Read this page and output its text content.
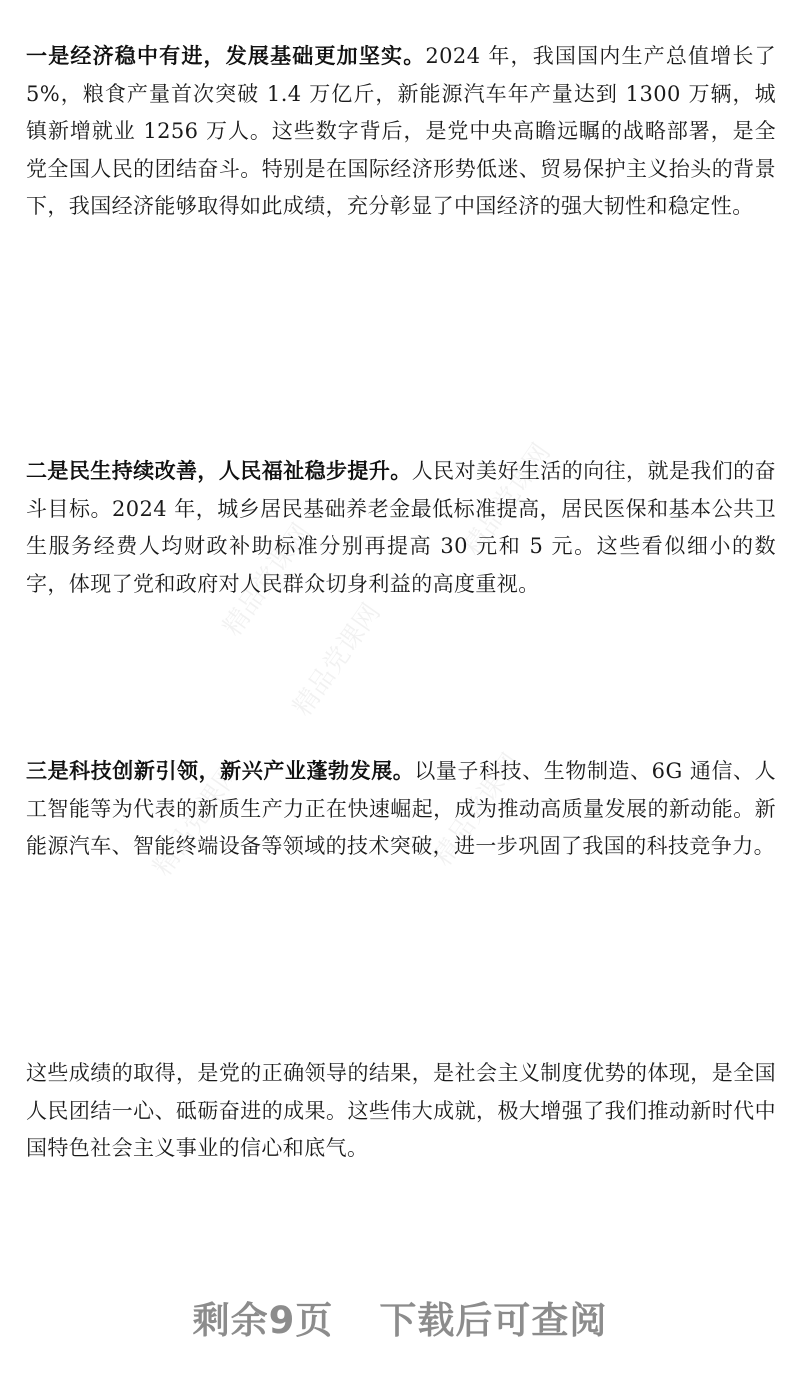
一是经济稳中有进，发展基础更加坚实。2024 年，我国国内生产总值增长了 5%，粮食产量首次突破 1.4 万亿斤，新能源汽车年产量达到 1300 万辆，城镇新增就业 1256 万人。这些数字背后，是党中央高瞻远瞩的战略部署，是全党全国人民的团结奋斗。特别是在国际经济形势低迷、贸易保护主义抬头的背景下，我国经济能够取得如此成绩，充分彰显了中国经济的强大韧性和稳定性。

二是民生持续改善，人民福祉稳步提升。人民对美好生活的向往，就是我们的奋斗目标。2024 年，城乡居民基础养老金最低标准提高，居民医保和基本公共卫生服务经费人均财政补助标准分别再提高 30 元和 5 元。这些看似细小的数字，体现了党和政府对人民群众切身利益的高度重视。

三是科技创新引领，新兴产业蓬勃发展。以量子科技、生物制造、6G 通信、人工智能等为代表的新质生产力正在快速崛起，成为推动高质量发展的新动能。新能源汽车、智能终端设备等领域的技术突破，进一步巩固了我国的科技竞争力。

这些成绩的取得，是党的正确领导的结果，是社会主义制度优势的体现，是全国人民团结一心、砥砺奋进的成果。这些伟大成就，极大增强了我们推动新时代中国特色社会主义事业的信心和底气。

精品党课网
精品党课网
精品党课网
精品党课网	精品党课网
剩余9页 下载后可查阅
